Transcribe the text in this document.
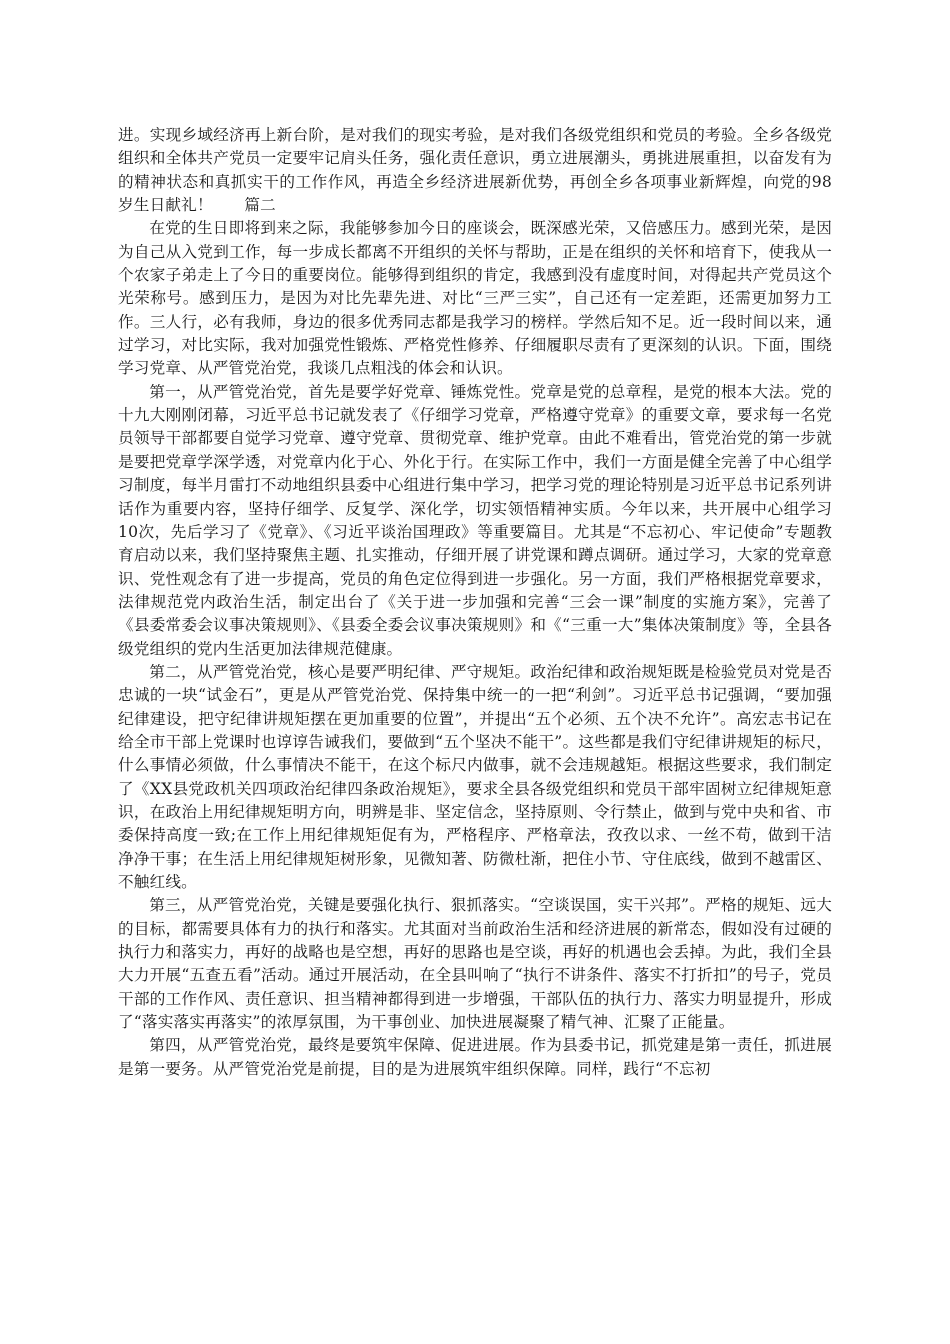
进。实现乡域经济再上新台阶，是对我们的现实考验，是对我们各级党组织和党员的考验。全乡各级党组织和全体共产党员一定要牢记肩头任务，强化责任意识，勇立进展潮头，勇挑进展重担，以奋发有为的精神状态和真抓实干的工作作风，再造全乡经济进展新优势，再创全乡各项事业新辉煌，向党的98岁生日献礼！　　篇二

在党的生日即将到来之际，我能够参加今日的座谈会，既深感光荣，又倍感压力。感到光荣，是因为自己从入党到工作，每一步成长都离不开组织的关怀与帮助，正是在组织的关怀和培育下，使我从一个农家子弟走上了今日的重要岗位。能够得到组织的肯定，我感到没有虚度时间，对得起共产党员这个光荣称号。感到压力，是因为对比先辈先进、对比“三严三实”，自己还有一定差距，还需更加努力工作。三人行，必有我师，身边的很多优秀同志都是我学习的榜样。学然后知不足。近一段时间以来，通过学习，对比实际，我对加强党性锻炼、严格党性修养、仔细履职尽责有了更深刻的认识。下面，围绕学习党章、从严管党治党，我谈几点粗浅的体会和认识。

第一，从严管党治党，首先是要学好党章、锤炼党性。党章是党的总章程，是党的根本大法。党的十九大刚刚闭幕，习近平总书记就发表了《仔细学习党章，严格遵守党章》的重要文章，要求每一名党员领导干部都要自觉学习党章、遵守党章、贯彻党章、维护党章。由此不难看出，管党治党的第一步就是要把党章学深学透，对党章内化于心、外化于行。在实际工作中，我们一方面是健全完善了中心组学习制度，每半月雷打不动地组织县委中心组进行集中学习，把学习党的理论特别是习近平总书记系列讲话作为重要内容，坚持仔细学、反复学、深化学，切实领悟精神实质。今年以来，共开展中心组学习10次，先后学习了《党章》、《习近平谈治国理政》等重要篇目。尤其是“不忘初心、牢记使命”专题教育启动以来，我们坚持聚焦主题、扎实推动，仔细开展了讲党课和蹲点调研。通过学习，大家的党章意识、党性观念有了进一步提高，党员的角色定位得到进一步强化。另一方面，我们严格根据党章要求，法律规范党内政治生活，制定出台了《关于进一步加强和完善“三会一课”制度的实施方案》，完善了《县委常委会议事决策规则》、《县委全委会议事决策规则》和《“三重一大”集体决策制度》等，全县各级党组织的党内生活更加法律规范健康。

第二，从严管党治党，核心是要严明纪律、严守规矩。政治纪律和政治规矩既是检验党员对党是否忠诚的一块“试金石”，更是从严管党治党、保持集中统一的一把“利剑”。习近平总书记强调，“要加强纪律建设，把守纪律讲规矩摆在更加重要的位置”，并提出“五个必须、五个决不允许”。高宏志书记在给全市干部上党课时也谆谆告诫我们，要做到“五个坚决不能干”。这些都是我们守纪律讲规矩的标尺，什么事情必须做，什么事情决不能干，在这个标尺内做事，就不会违规越矩。根据这些要求，我们制定了《XX县党政机关四项政治纪律四条政治规矩》，要求全县各级党组织和党员干部牢固树立纪律规矩意识，在政治上用纪律规矩明方向，明辨是非、坚定信念，坚持原则、令行禁止，做到与党中央和省、市委保持高度一致;在工作上用纪律规矩促有为，严格程序、严格章法，孜孜以求、一丝不苟，做到干洁净净干事；在生活上用纪律规矩树形象，见微知著、防微杜渐，把住小节、守住底线，做到不越雷区、不触红线。

第三，从严管党治党，关键是要强化执行、狠抓落实。“空谈误国，实干兴邦”。严格的规矩、远大的目标，都需要具体有力的执行和落实。尤其面对当前政治生活和经济进展的新常态，假如没有过硬的执行力和落实力，再好的战略也是空想，再好的思路也是空谈，再好的机遇也会丢掉。为此，我们全县大力开展“五查五看”活动。通过开展活动，在全县叫响了“执行不讲条件、落实不打折扣”的号子，党员干部的工作作风、责任意识、担当精神都得到进一步增强，干部队伍的执行力、落实力明显提升，形成了“落实落实再落实”的浓厚氛围，为干事创业、加快进展凝聚了精气神、汇聚了正能量。

第四，从严管党治党，最终是要筑牢保障、促进进展。作为县委书记，抓党建是第一责任，抓进展是第一要务。从严管党治党是前提，目的是为进展筑牢组织保障。同样，践行“不忘初
